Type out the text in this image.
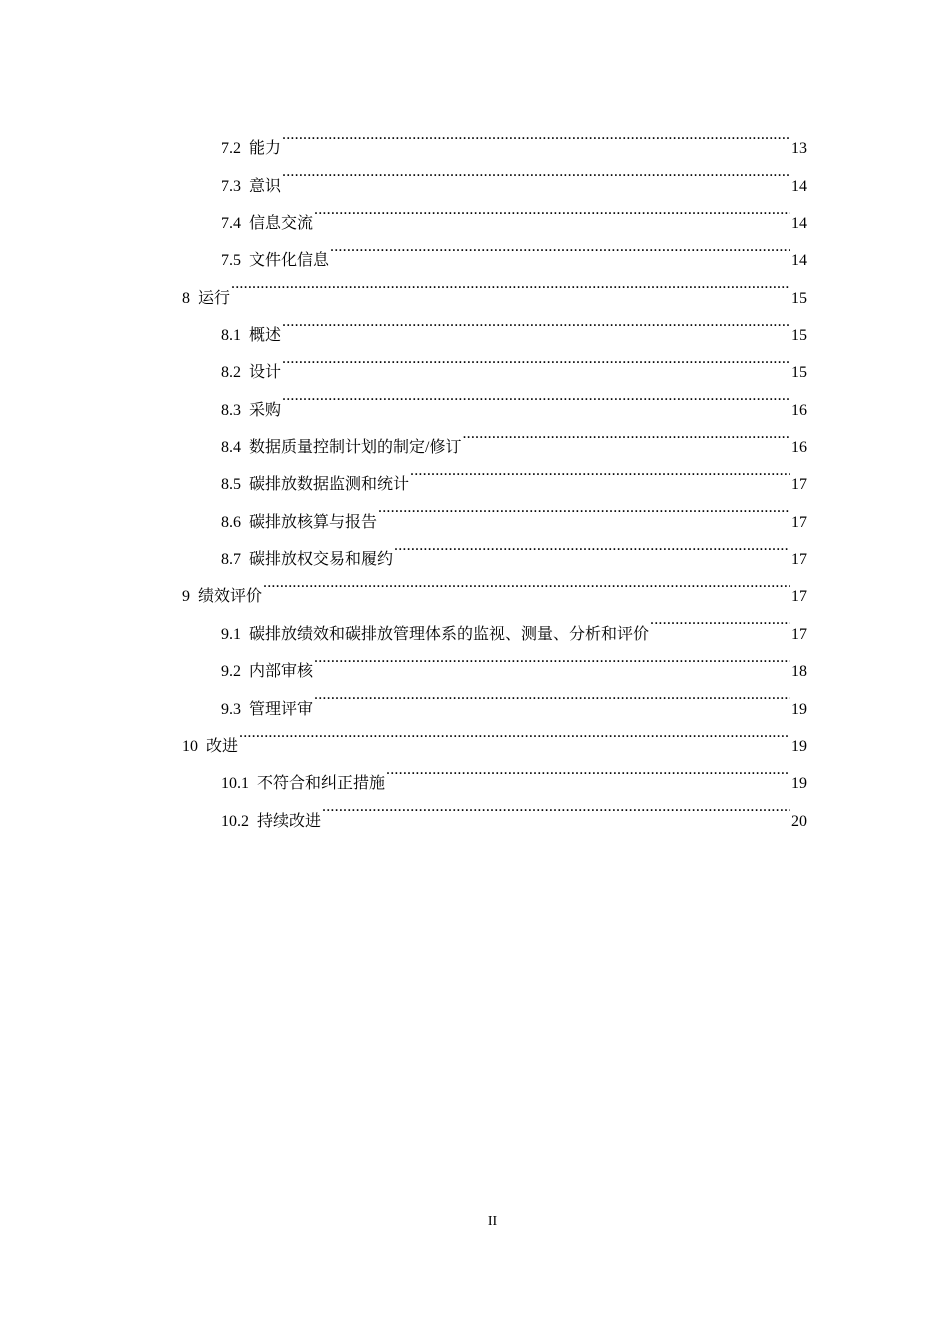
7.2 能力 .....	13
7.3 意识 .....	14
7.4 信息交流 .....	14
7.5 文件化信息 .....	14
8 运行 .....	15
8.1 概述 .....	15
8.2 设计 .....	15
8.3 采购 .....	16
8.4 数据质量控制计划的制定/修订 .....	16
8.5 碳排放数据监测和统计 .....	17
8.6 碳排放核算与报告 .....	17
8.7 碳排放权交易和履约 .....	17
9 绩效评价 .....	17
9.1 碳排放绩效和碳排放管理体系的监视、测量、分析和评价 .....	17
9.2 内部审核 .....	18
9.3 管理评审 .....	19
10 改进 .....	19
10.1 不符合和纠正措施 .....	19
10.2 持续改进 .....	20
II
